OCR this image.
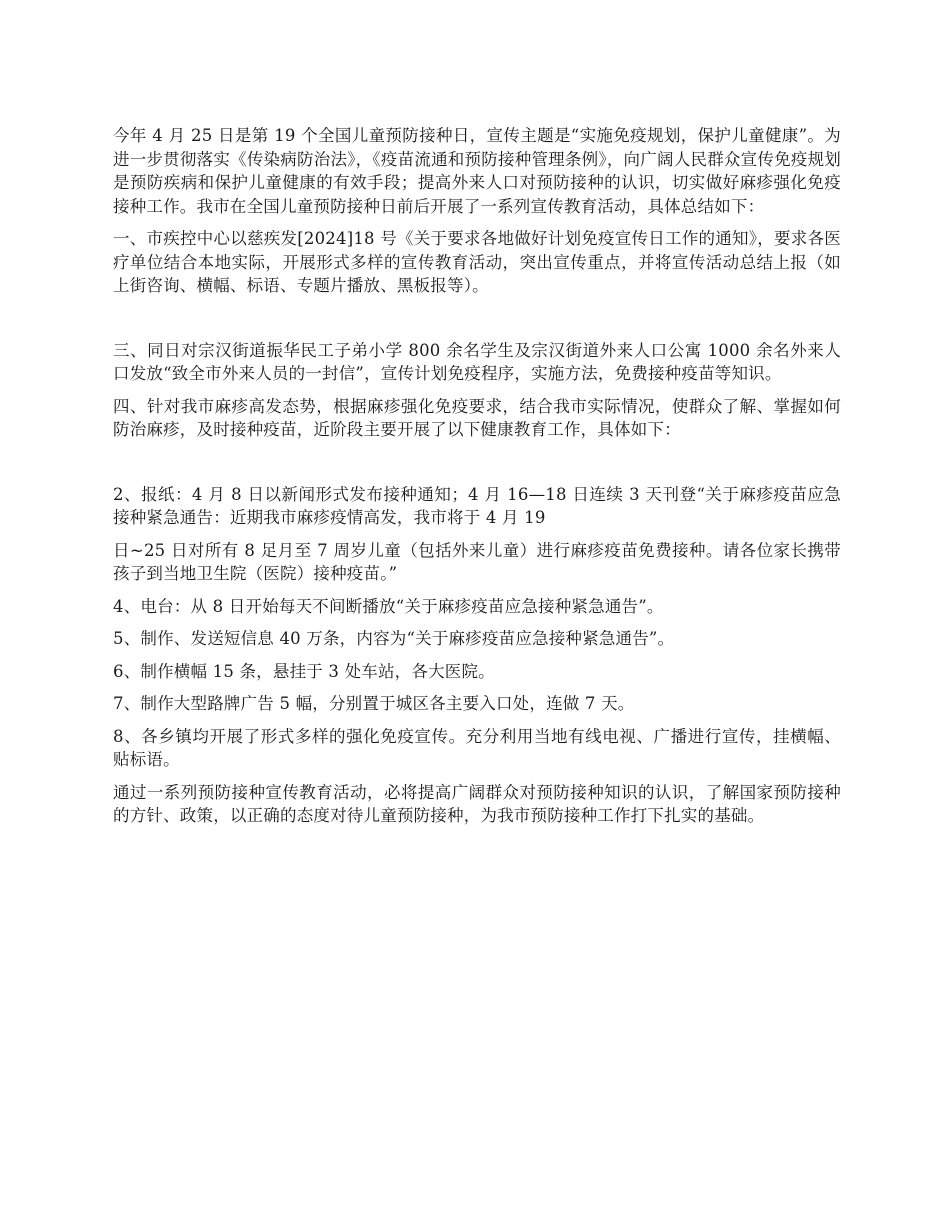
今年 4 月 25 日是第 19 个全国儿童预防接种日，宣传主题是“实施免疫规划，保护儿童健康”。为进一步贯彻落实《传染病防治法》，《疫苗流通和预防接种管理条例》，向广阔人民群众宣传免疫规划是预防疾病和保护儿童健康的有效手段；提高外来人口对预防接种的认识，切实做好麻疹强化免疫接种工作。我市在全国儿童预防接种日前后开展了一系列宣传教育活动，具体总结如下：

一、市疾控中心以慈疾发[2024]18 号《关于要求各地做好计划免疫宣传日工作的通知》，要求各医疗单位结合本地实际，开展形式多样的宣传教育活动，突出宣传重点，并将宣传活动总结上报（如上街咨询、横幅、标语、专题片播放、黑板报等）。

三、同日对宗汉街道振华民工子弟小学 800 余名学生及宗汉街道外来人口公寓 1000 余名外来人口发放“致全市外来人员的一封信”，宣传计划免疫程序，实施方法，免费接种疫苗等知识。

四、针对我市麻疹高发态势，根据麻疹强化免疫要求，结合我市实际情况，使群众了解、掌握如何防治麻疹，及时接种疫苗，近阶段主要开展了以下健康教育工作，具体如下：

2、报纸：4 月 8 日以新闻形式发布接种通知；4 月 16—18 日连续 3 天刊登“关于麻疹疫苗应急接种紧急通告：近期我市麻疹疫情高发，我市将于 4 月 19

日~25 日对所有 8 足月至 7 周岁儿童（包括外来儿童）进行麻疹疫苗免费接种。请各位家长携带孩子到当地卫生院（医院）接种疫苗。”

4、电台：从 8 日开始每天不间断播放“关于麻疹疫苗应急接种紧急通告”。

5、制作、发送短信息 40 万条，内容为“关于麻疹疫苗应急接种紧急通告”。

6、制作横幅 15 条，悬挂于 3 处车站，各大医院。

7、制作大型路牌广告 5 幅，分别置于城区各主要入口处，连做 7 天。

8、各乡镇均开展了形式多样的强化免疫宣传。充分利用当地有线电视、广播进行宣传，挂横幅、贴标语。

通过一系列预防接种宣传教育活动，必将提高广阔群众对预防接种知识的认识，了解国家预防接种的方针、政策，以正确的态度对待儿童预防接种，为我市预防接种工作打下扎实的基础。
